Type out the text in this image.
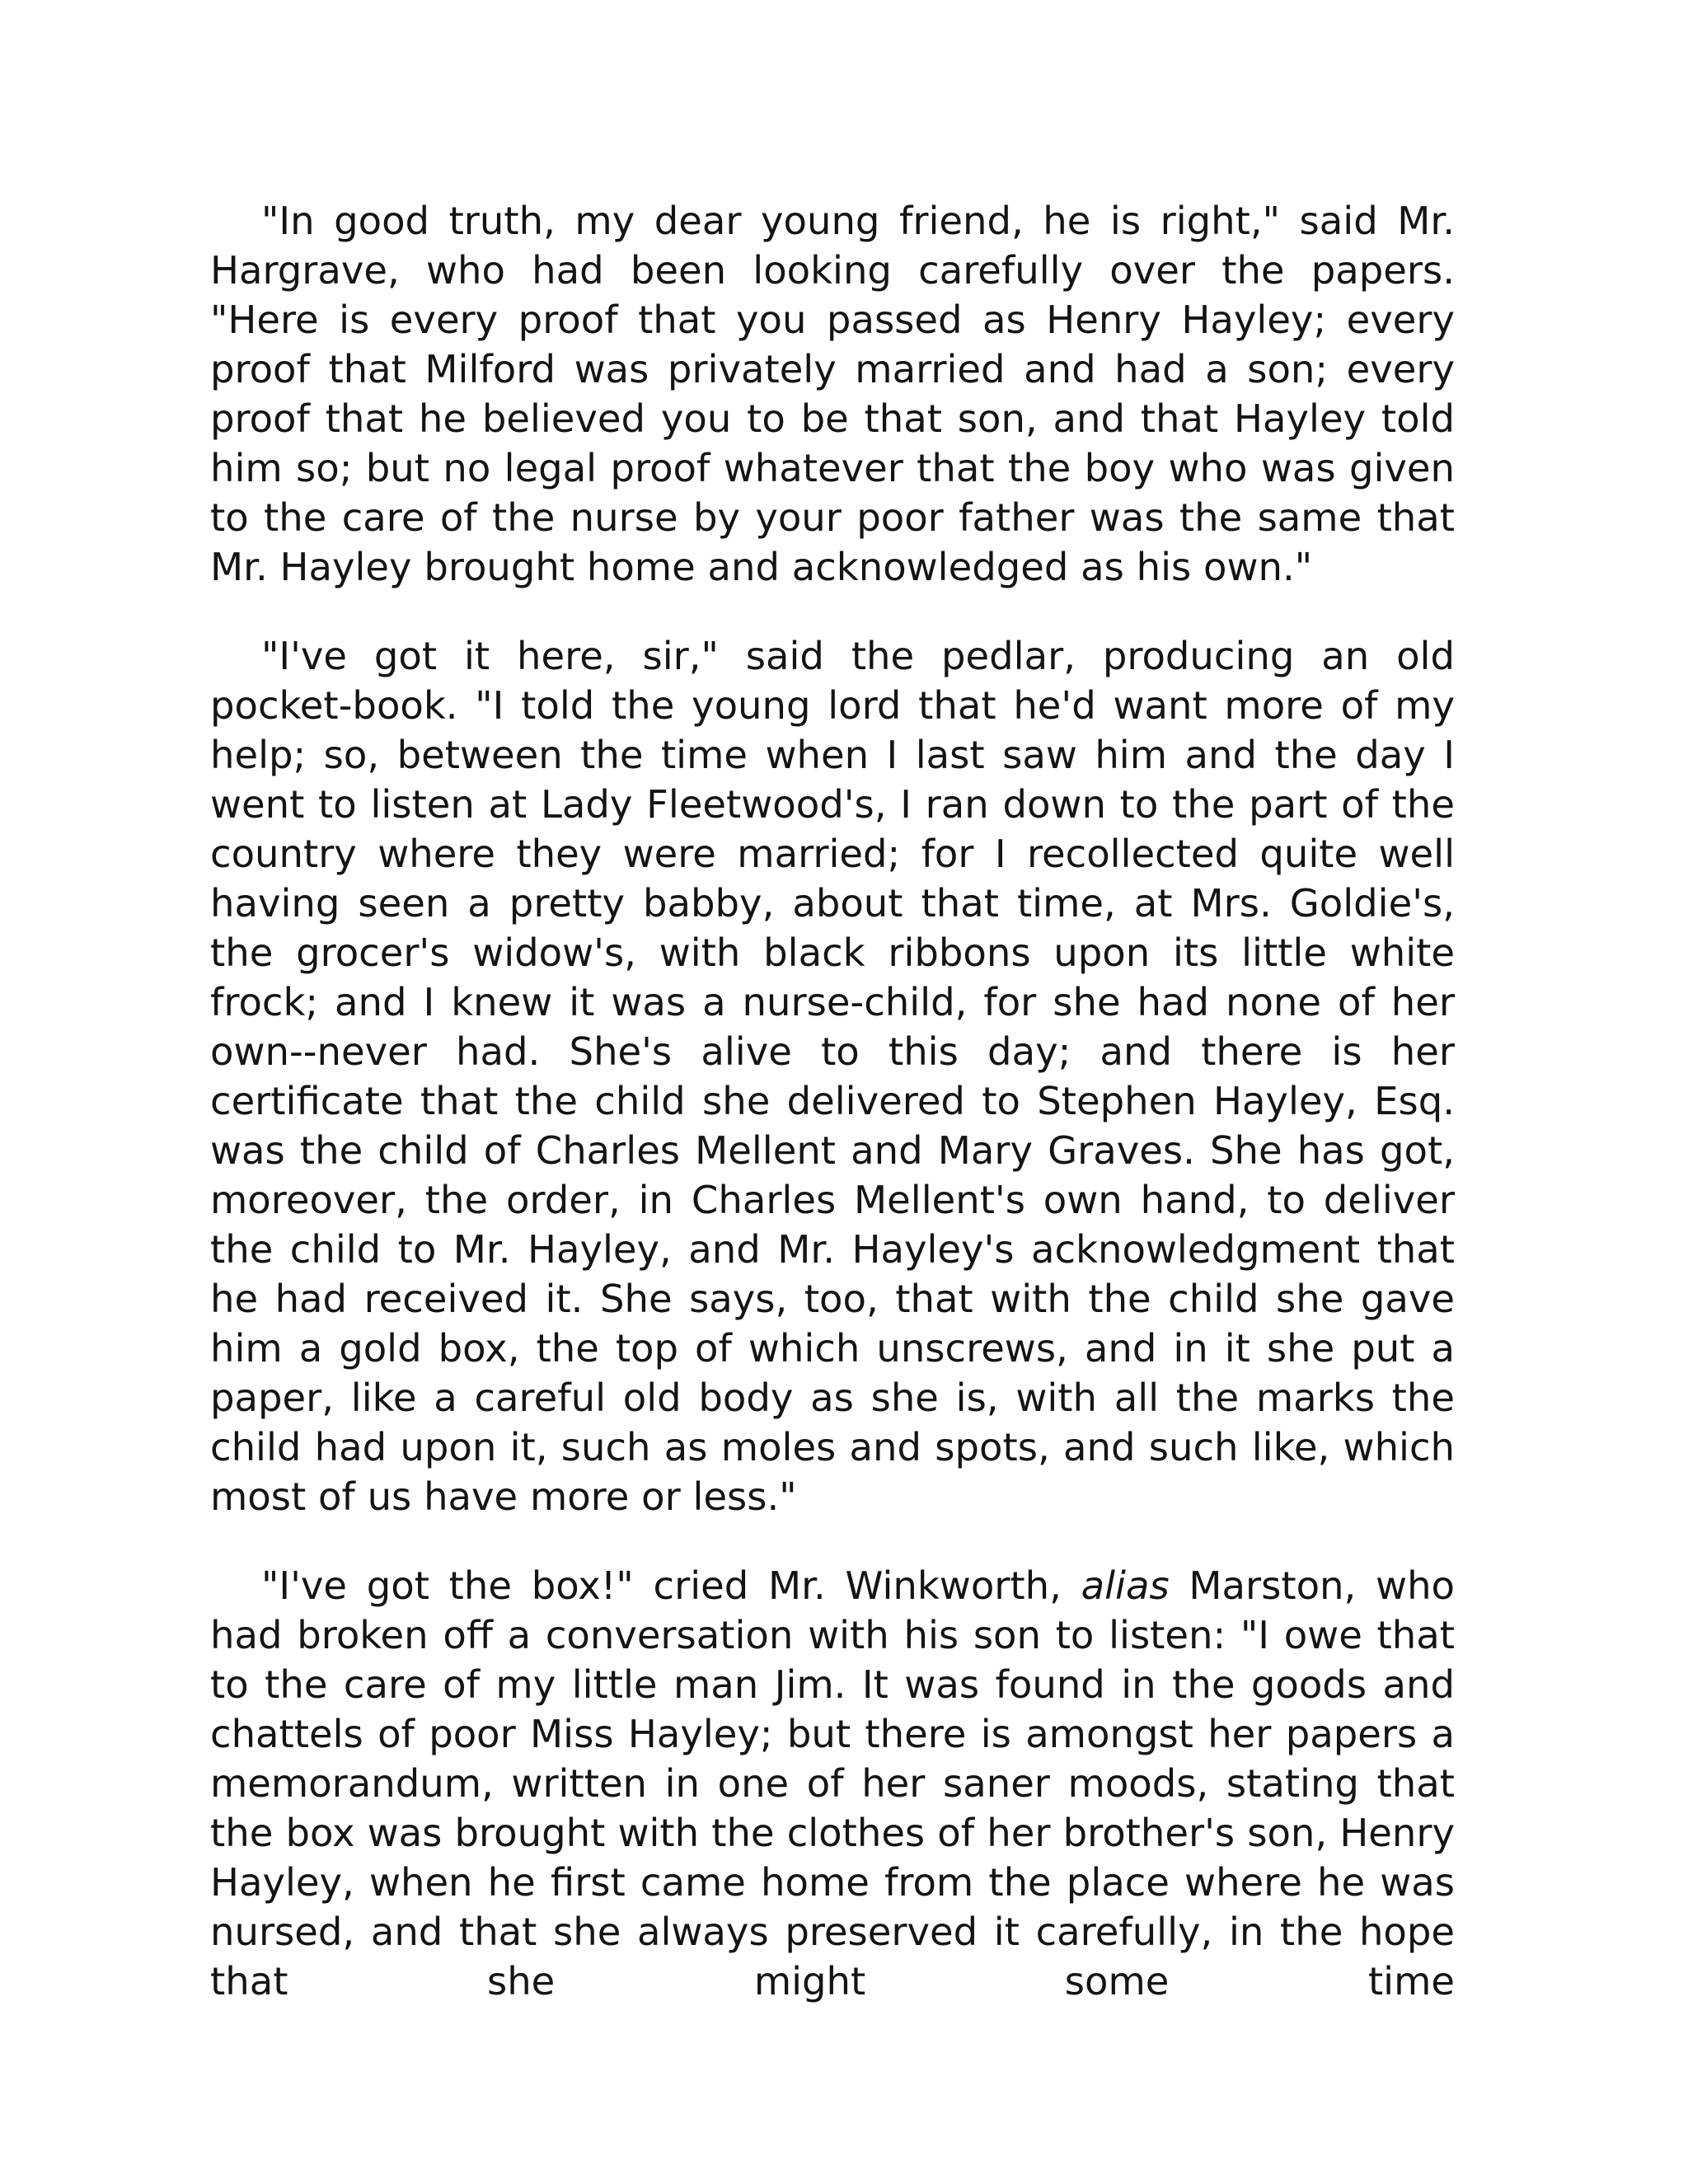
"In good truth, my dear young friend, he is right," said Mr. Hargrave, who had been looking carefully over the papers. "Here is every proof that you passed as Henry Hayley; every proof that Milford was privately married and had a son; every proof that he believed you to be that son, and that Hayley told him so; but no legal proof whatever that the boy who was given to the care of the nurse by your poor father was the same that Mr. Hayley brought home and acknowledged as his own."

"I've got it here, sir," said the pedlar, producing an old pocket-book. "I told the young lord that he'd want more of my help; so, between the time when I last saw him and the day I went to listen at Lady Fleetwood's, I ran down to the part of the country where they were married; for I recollected quite well having seen a pretty babby, about that time, at Mrs. Goldie's, the grocer's widow's, with black ribbons upon its little white frock; and I knew it was a nurse-child, for she had none of her own--never had. She's alive to this day; and there is her certificate that the child she delivered to Stephen Hayley, Esq. was the child of Charles Mellent and Mary Graves. She has got, moreover, the order, in Charles Mellent's own hand, to deliver the child to Mr. Hayley, and Mr. Hayley's acknowledgment that he had received it. She says, too, that with the child she gave him a gold box, the top of which unscrews, and in it she put a paper, like a careful old body as she is, with all the marks the child had upon it, such as moles and spots, and such like, which most of us have more or less."

"I've got the box!" cried Mr. Winkworth, alias Marston, who had broken off a conversation with his son to listen: "I owe that to the care of my little man Jim. It was found in the goods and chattels of poor Miss Hayley; but there is amongst her papers a memorandum, written in one of her saner moods, stating that the box was brought with the clothes of her brother's son, Henry Hayley, when he first came home from the place where he was nursed, and that she always preserved it carefully, in the hope that she might some time
